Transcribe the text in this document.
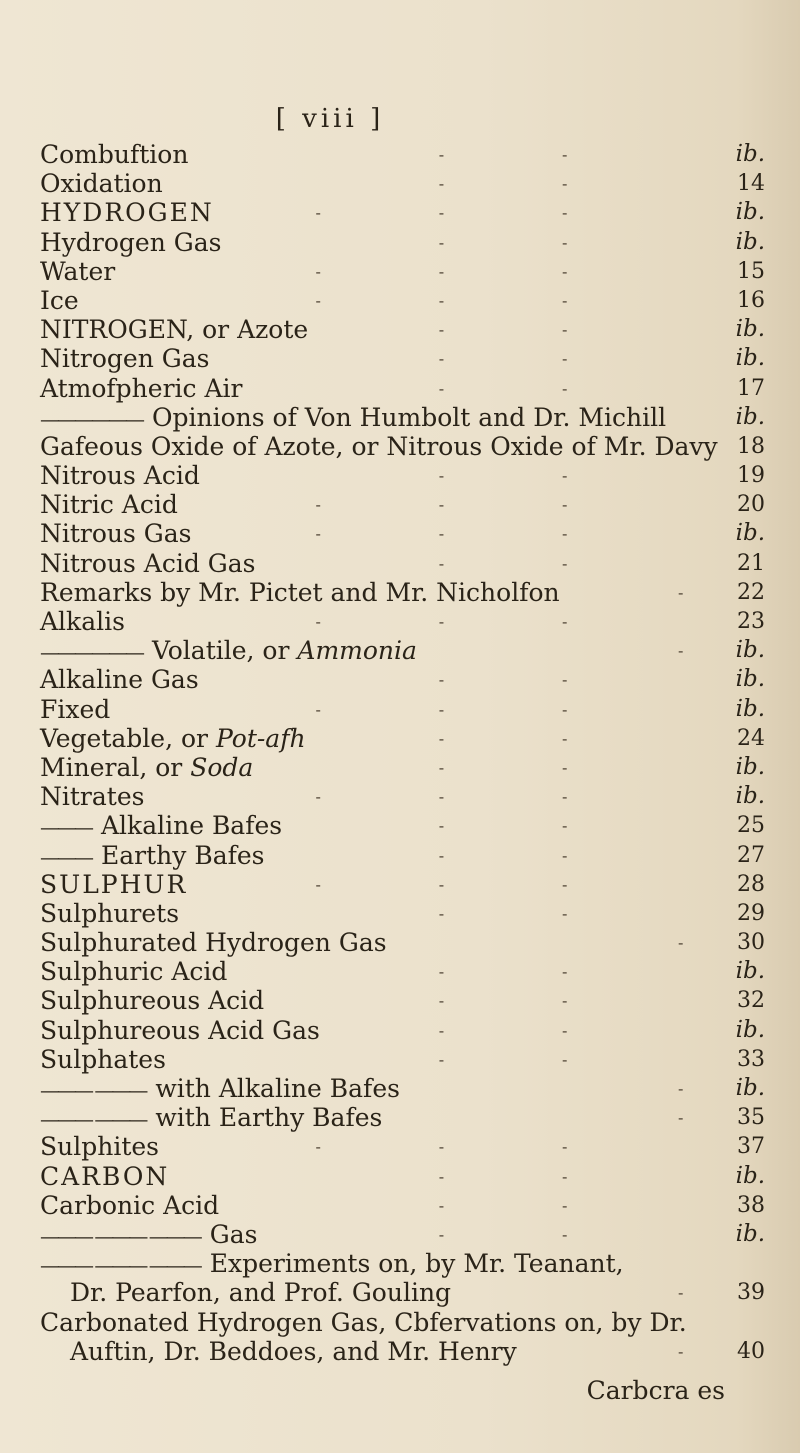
[ viii ]
Combuftion	-	-	ib.
Oxidation	-	-	14
HYDROGEN	-	-	-	ib.
Hydrogen Gas	-	-	ib.
Water	-	-	-	15
Ice	-	-	-	16
NITROGEN, or Azote	-	-	ib.
Nitrogen Gas	-	-	ib.
Atmofpheric Air	-	-	17
—————— Opinions of Von Humbolt and Dr. Michill	ib.
Gafeous Oxide of Azote, or Nitrous Oxide of Mr. Davy 18
Nitrous Acid	-	-	19
Nitric Acid	-	-	-	20
Nitrous Gas	-	-	-	ib.
Nitrous Acid Gas	-	-	21
Remarks by Mr. Pictet and Mr. Nicholfon	- 22
Alkalis	-	-	-	23
—————— Volatile, or Ammonia	- ib.
Alkaline Gas	-	-	ib.
Fixed	-	-	-	ib.
Vegetable, or Pot-afh	-	-	24
Mineral, or Soda	-	-	ib.
Nitrates	-	-	-	ib.
——— Alkaline Bafes	-	-	25
——— Earthy Bafes	-	-	27
SULPHUR	-	-	-	28
Sulphurets	-	-	29
Sulphurated Hydrogen Gas	- 30
Sulphuric Acid	-	-	ib.
Sulphureous Acid	-	-	32
Sulphureous Acid Gas	-	-	ib.
Sulphates	-	-	33
——— ——— with Alkaline Bafes	- ib.
——— ——— with Earthy Bafes	- 35
Sulphites	-	-	-	37
CARBON	-	-	ib.
Carbonic Acid	-	-	38
——— ——— ——— Gas	-	-	ib.
——— ——— ——— Experiments on, by Mr. Teanant,
Dr. Pearfon, and Prof. Gouling	- 39
Carbonated Hydrogen Gas, Cbfervations on, by Dr.
Auftin, Dr. Beddoes, and Mr. Henry	- 40
Carbcra es
